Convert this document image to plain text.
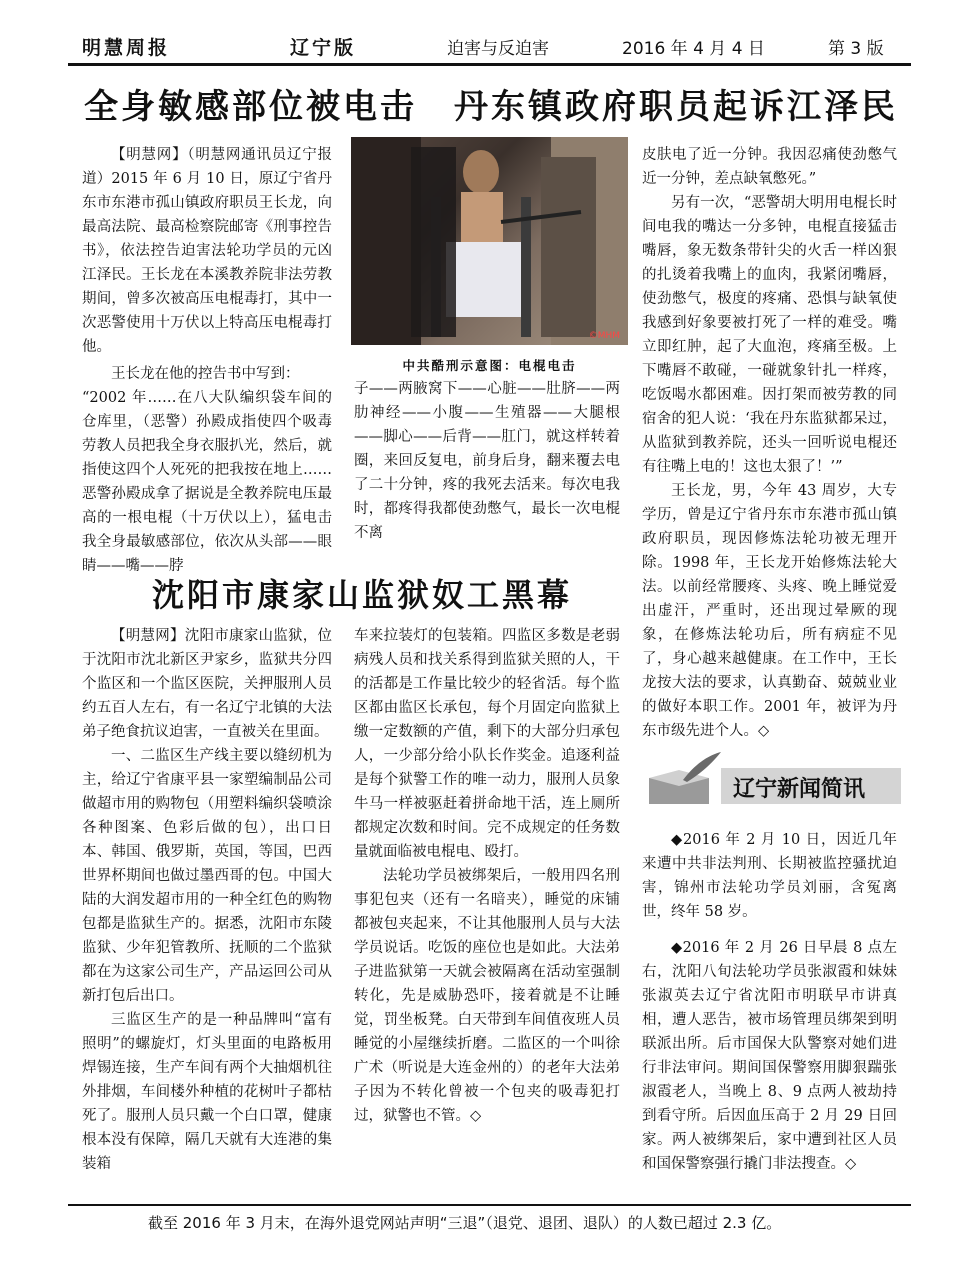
明慧周报	辽宁版	迫害与反迫害	2016 年 4 月 4 日	第 3 版
全身敏感部位被电击　丹东镇政府职员起诉江泽民

【明慧网】（明慧网通讯员辽宁报道）2015 年 6 月 10 日，原辽宁省丹东市东港市孤山镇政府职员王长龙，向最高法院、最高检察院邮寄《刑事控告书》，依法控告迫害法轮功学员的元凶江泽民。王长龙在本溪教养院非法劳教期间，曾多次被高压电棍毒打，其中一次恶警使用十万伏以上特高压电棍毒打他。

王长龙在他的控告书中写到：

“2002 年……在八大队编织袋车间的仓库里，（恶警）孙殿成指使四个吸毒劳教人员把我全身衣服扒光，然后，就指使这四个人死死的把我按在地上……恶警孙殿成拿了据说是全教养院电压最高的一根电棍（十万伏以上），猛电击我全身最敏感部位，依次从头部——眼睛——嘴——脖

©MHM
中共酷刑示意图：电棍电击

子——两腋窝下——心脏——肚脐——两肋神经——小腹——生殖器——大腿根——脚心——后背——肛门，就这样转着圈，来回反复电，前身后身，翻来覆去电了二十分钟，疼的我死去活来。每次电我时，都疼得我都使劲憋气，最长一次电棍不离

皮肤电了近一分钟。我因忍痛使劲憋气近一分钟，差点缺氧憋死。”

另有一次，“恶警胡大明用电棍长时间电我的嘴达一分多钟，电棍直接猛击嘴唇，象无数条带针尖的火舌一样凶狠的扎烫着我嘴上的血肉，我紧闭嘴唇，使劲憋气，极度的疼痛、恐惧与缺氧使我感到好象要被打死了一样的难受。嘴立即红肿，起了大血泡，疼痛至极。上下嘴唇不敢碰，一碰就象针扎一样疼，吃饭喝水都困难。因打架而被劳教的同宿舍的犯人说：‘我在丹东监狱都呆过，从监狱到教养院，还头一回听说电棍还有往嘴上电的！这也太狠了！’”

王长龙，男，今年 43 周岁，大专学历，曾是辽宁省丹东市东港市孤山镇政府职员，现因修炼法轮功被无理开除。1998 年，王长龙开始修炼法轮大法。以前经常腰疼、头疼、晚上睡觉爱出虚汗，严重时，还出现过晕厥的现象，在修炼法轮功后，所有病症不见了，身心越来越健康。在工作中，王长龙按大法的要求，认真勤奋、兢兢业业的做好本职工作。2001 年，被评为丹东市级先进个人。◇

沈阳市康家山监狱奴工黑幕

【明慧网】沈阳市康家山监狱，位于沈阳市沈北新区尹家乡，监狱共分四个监区和一个监区医院，关押服刑人员约五百人左右，有一名辽宁北镇的大法弟子绝食抗议迫害，一直被关在里面。

一、二监区生产线主要以缝纫机为主，给辽宁省康平县一家塑编制品公司做超市用的购物包（用塑料编织袋喷涂各种图案、色彩后做的包），出口日本、韩国、俄罗斯，英国，等国，巴西世界杯期间也做过墨西哥的包。中国大陆的大润发超市用的一种全红色的购物包都是监狱生产的。据悉，沈阳市东陵监狱、少年犯管教所、抚顺的二个监狱都在为这家公司生产，产品运回公司从新打包后出口。

三监区生产的是一种品牌叫“富有照明”的螺旋灯，灯头里面的电路板用焊锡连接，生产车间有两个大抽烟机往外排烟，车间楼外种植的花树叶子都枯死了。服刑人员只戴一个白口罩，健康根本没有保障，隔几天就有大连港的集装箱

车来拉装灯的包装箱。四监区多数是老弱病残人员和找关系得到监狱关照的人，干的活都是工作量比较少的轻省活。每个监区都由监区长承包，每个月固定向监狱上缴一定数额的产值，剩下的大部分归承包人，一少部分给小队长作奖金。追逐利益是每个狱警工作的唯一动力，服刑人员象牛马一样被驱赶着拼命地干活，连上厕所都规定次数和时间。完不成规定的任务数量就面临被电棍电、殴打。

法轮功学员被绑架后，一般用四名刑事犯包夹（还有一名暗夹），睡觉的床铺都被包夹起来，不让其他服刑人员与大法学员说话。吃饭的座位也是如此。大法弟子进监狱第一天就会被隔离在活动室强制转化，先是威胁恐吓，接着就是不让睡觉，罚坐板凳。白天带到车间值夜班人员睡觉的小屋继续折磨。二监区的一个叫徐广术（听说是大连金州的）的老年大法弟子因为不转化曾被一个包夹的吸毒犯打过，狱警也不管。◇

辽宁新闻简讯

◆2016 年 2 月 10 日，因近几年来遭中共非法判刑、长期被监控骚扰迫害，锦州市法轮功学员刘丽，含冤离世，终年 58 岁。

◆2016 年 2 月 26 日早晨 8 点左右，沈阳八旬法轮功学员张淑霞和妹妹张淑英去辽宁省沈阳市明联早市讲真相，遭人恶告，被市场管理员绑架到明联派出所。后市国保大队警察对她们进行非法审问。期间国保警察用脚狠踹张淑霞老人，当晚上 8、9 点两人被劫持到看守所。后因血压高于 2 月 29 日回家。两人被绑架后，家中遭到社区人员和国保警察强行撬门非法搜查。◇

截至 2016 年 3 月末，在海外退党网站声明“三退”（退党、退团、退队）的人数已超过 2.3 亿。
